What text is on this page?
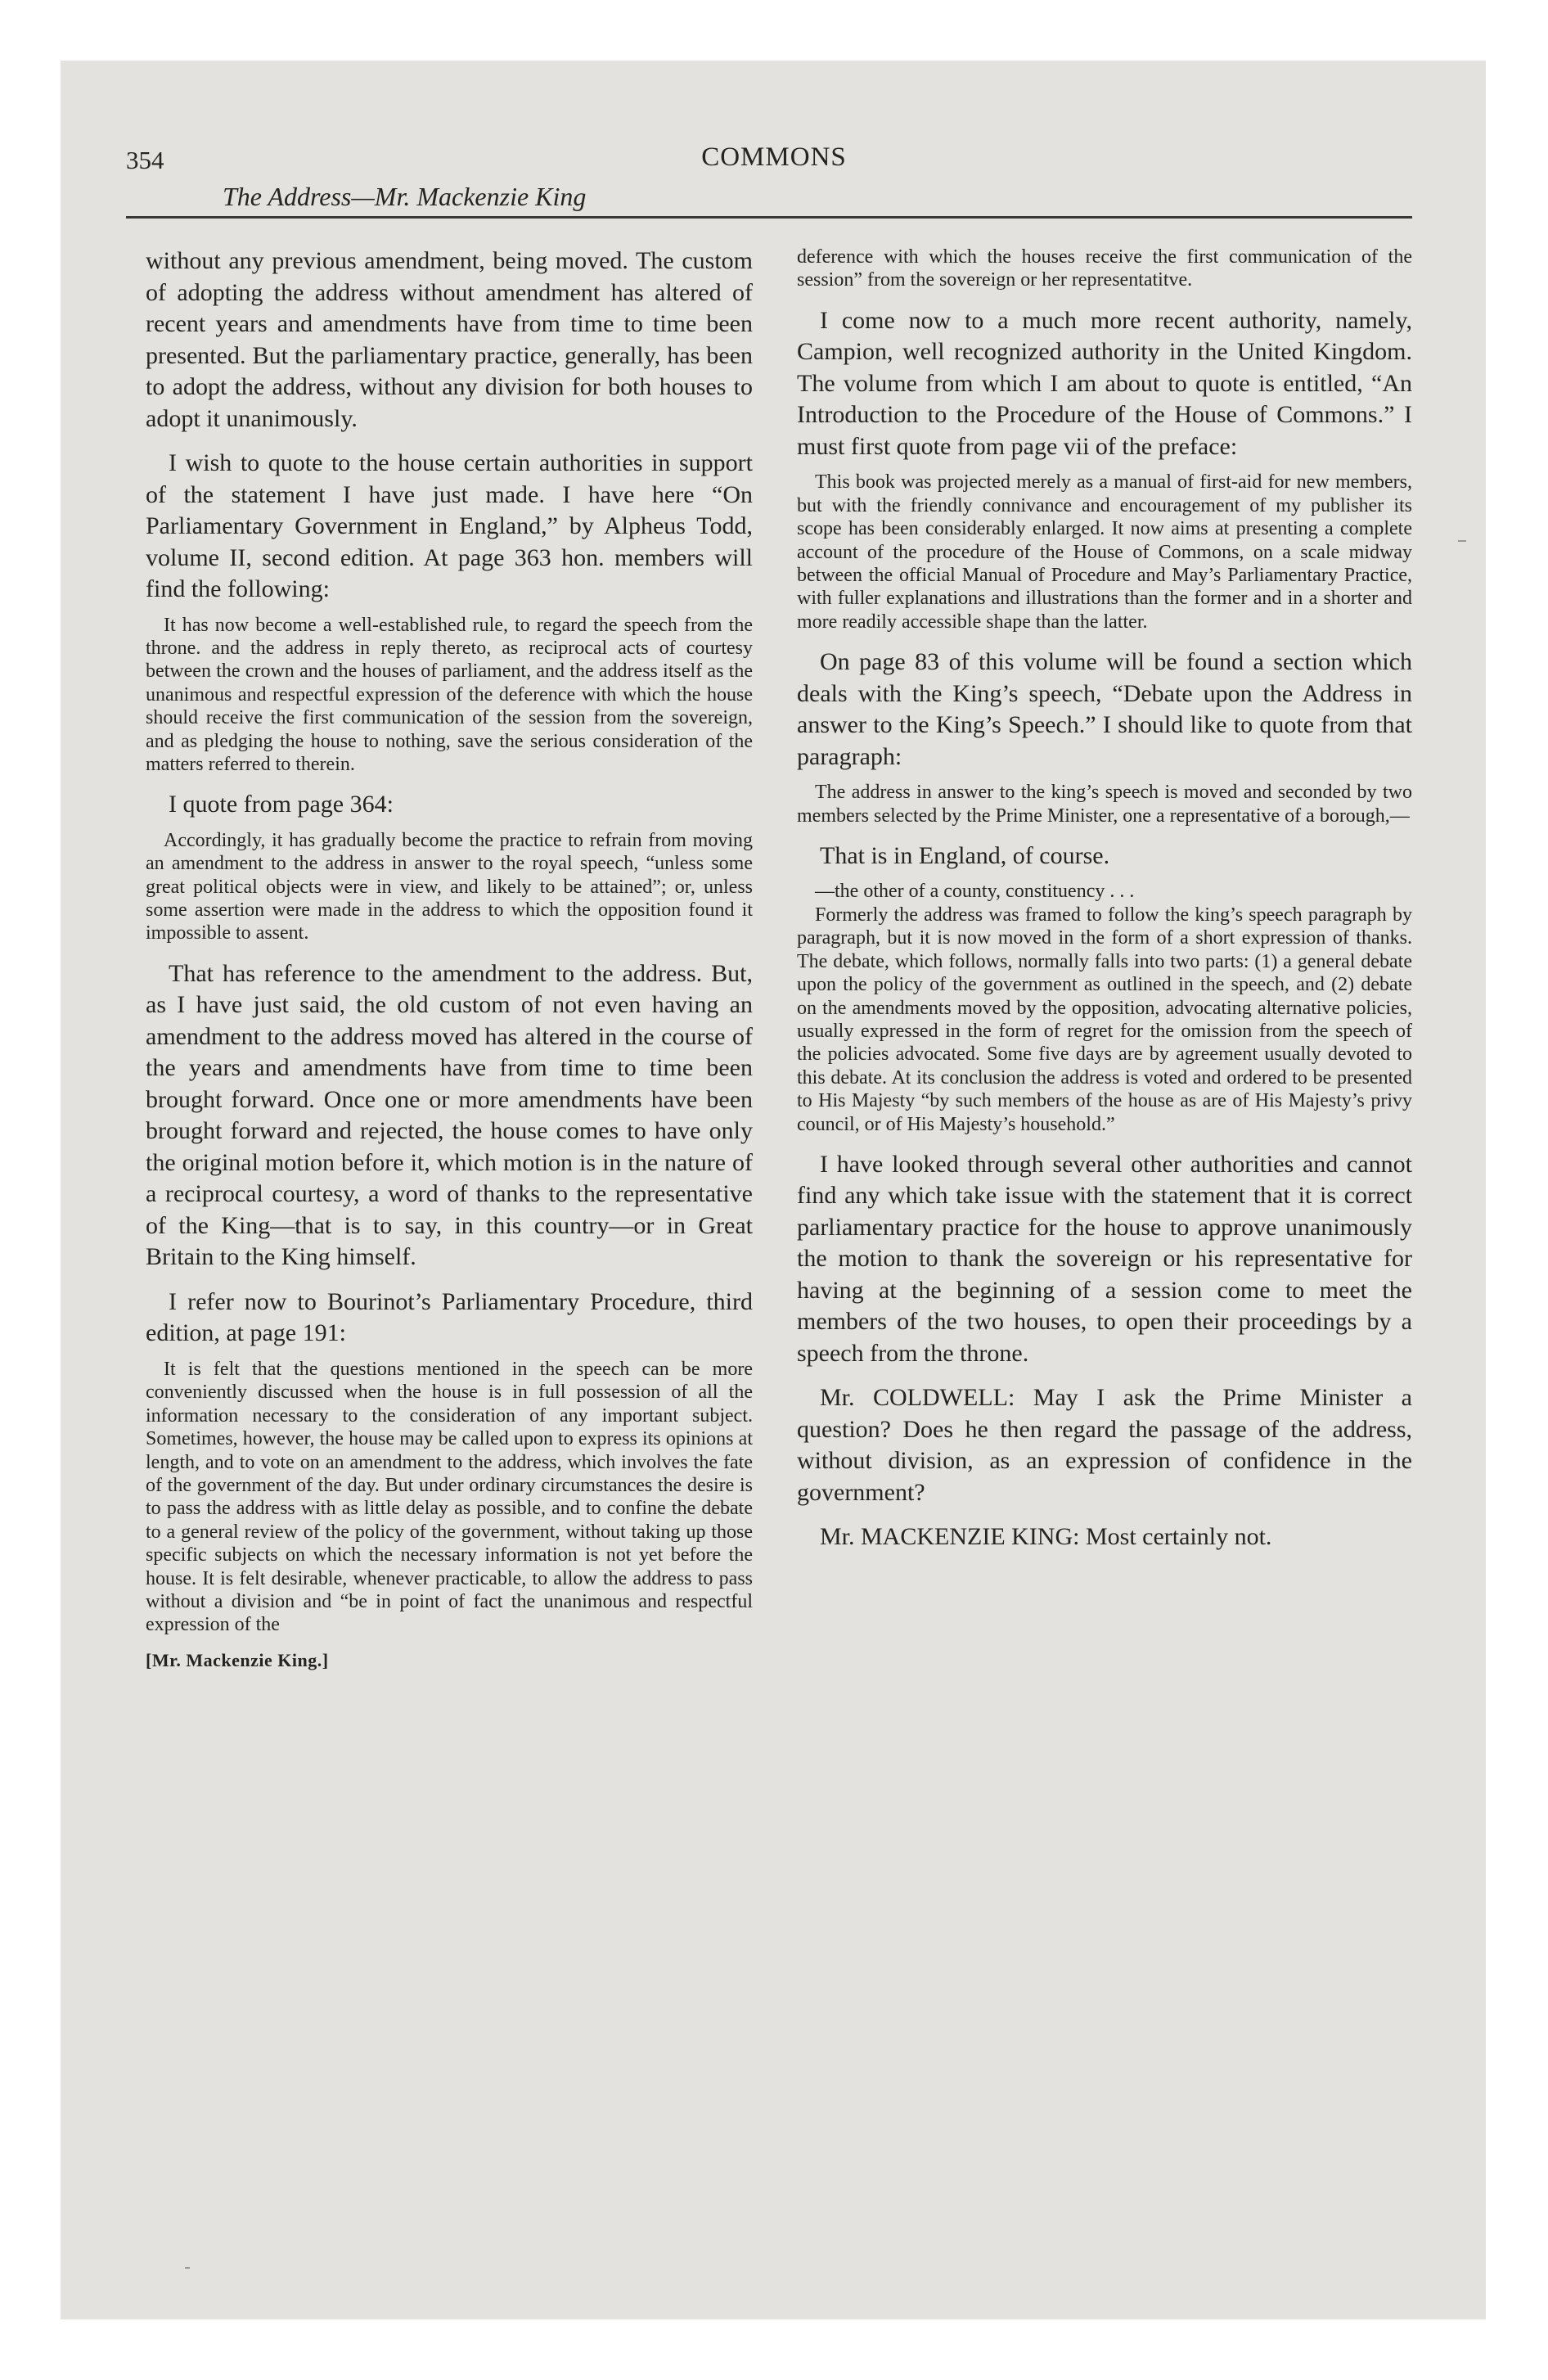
354	COMMONS
The Address—Mr. Mackenzie King

without any previous amendment, being moved. The custom of adopting the address without amendment has altered of recent years and amendments have from time to time been presented. But the parliamentary practice, generally, has been to adopt the address, without any division for both houses to adopt it unanimously.

I wish to quote to the house certain authorities in support of the statement I have just made. I have here “On Parliamentary Government in England,” by Alpheus Todd, volume II, second edition. At page 363 hon. members will find the following:

It has now become a well-established rule, to regard the speech from the throne. and the address in reply thereto, as reciprocal acts of courtesy between the crown and the houses of parliament, and the address itself as the unanimous and respectful expression of the deference with which the house should receive the first communication of the session from the sovereign, and as pledging the house to nothing, save the serious consideration of the matters referred to therein.

I quote from page 364:

Accordingly, it has gradually become the practice to refrain from moving an amendment to the address in answer to the royal speech, “unless some great political objects were in view, and likely to be attained”; or, unless some assertion were made in the address to which the opposition found it impossible to assent.

That has reference to the amendment to the address. But, as I have just said, the old custom of not even having an amendment to the address moved has altered in the course of the years and amendments have from time to time been brought forward. Once one or more amendments have been brought forward and rejected, the house comes to have only the original motion before it, which motion is in the nature of a reciprocal courtesy, a word of thanks to the representative of the King—that is to say, in this country—or in Great Britain to the King himself.

I refer now to Bourinot’s Parliamentary Procedure, third edition, at page 191:

It is felt that the questions mentioned in the speech can be more conveniently discussed when the house is in full possession of all the information necessary to the consideration of any important subject. Sometimes, however, the house may be called upon to express its opinions at length, and to vote on an amendment to the address, which involves the fate of the government of the day. But under ordinary circumstances the desire is to pass the address with as little delay as possible, and to confine the debate to a general review of the policy of the government, without taking up those specific subjects on which the necessary information is not yet before the house. It is felt desirable, whenever practicable, to allow the address to pass without a division and “be in point of fact the unanimous and respectful expression of the

[Mr. Mackenzie King.]

deference with which the houses receive the first communication of the session” from the sovereign or her representatitve.

I come now to a much more recent authority, namely, Campion, well recognized authority in the United Kingdom. The volume from which I am about to quote is entitled, “An Introduction to the Procedure of the House of Commons.” I must first quote from page vii of the preface:

This book was projected merely as a manual of first-aid for new members, but with the friendly connivance and encouragement of my publisher its scope has been considerably enlarged. It now aims at presenting a complete account of the procedure of the House of Commons, on a scale midway between the official Manual of Procedure and May’s Parliamentary Practice, with fuller explanations and illustrations than the former and in a shorter and more readily accessible shape than the latter.

On page 83 of this volume will be found a section which deals with the King’s speech, “Debate upon the Address in answer to the King’s Speech.” I should like to quote from that paragraph:

The address in answer to the king’s speech is moved and seconded by two members selected by the Prime Minister, one a representative of a borough,—

That is in England, of course.

—the other of a county, constituency . . .

Formerly the address was framed to follow the king’s speech paragraph by paragraph, but it is now moved in the form of a short expression of thanks. The debate, which follows, normally falls into two parts: (1) a general debate upon the policy of the government as outlined in the speech, and (2) debate on the amendments moved by the opposition, advocating alternative policies, usually expressed in the form of regret for the omission from the speech of the policies advocated. Some five days are by agreement usually devoted to this debate. At its conclusion the address is voted and ordered to be presented to His Majesty “by such members of the house as are of His Majesty’s privy council, or of His Majesty’s household.”

I have looked through several other authorities and cannot find any which take issue with the statement that it is correct parliamentary practice for the house to approve unanimously the motion to thank the sovereign or his representative for having at the beginning of a session come to meet the members of the two houses, to open their proceedings by a speech from the throne.

Mr. COLDWELL: May I ask the Prime Minister a question? Does he then regard the passage of the address, without division, as an expression of confidence in the government?

Mr. MACKENZIE KING: Most certainly not.
